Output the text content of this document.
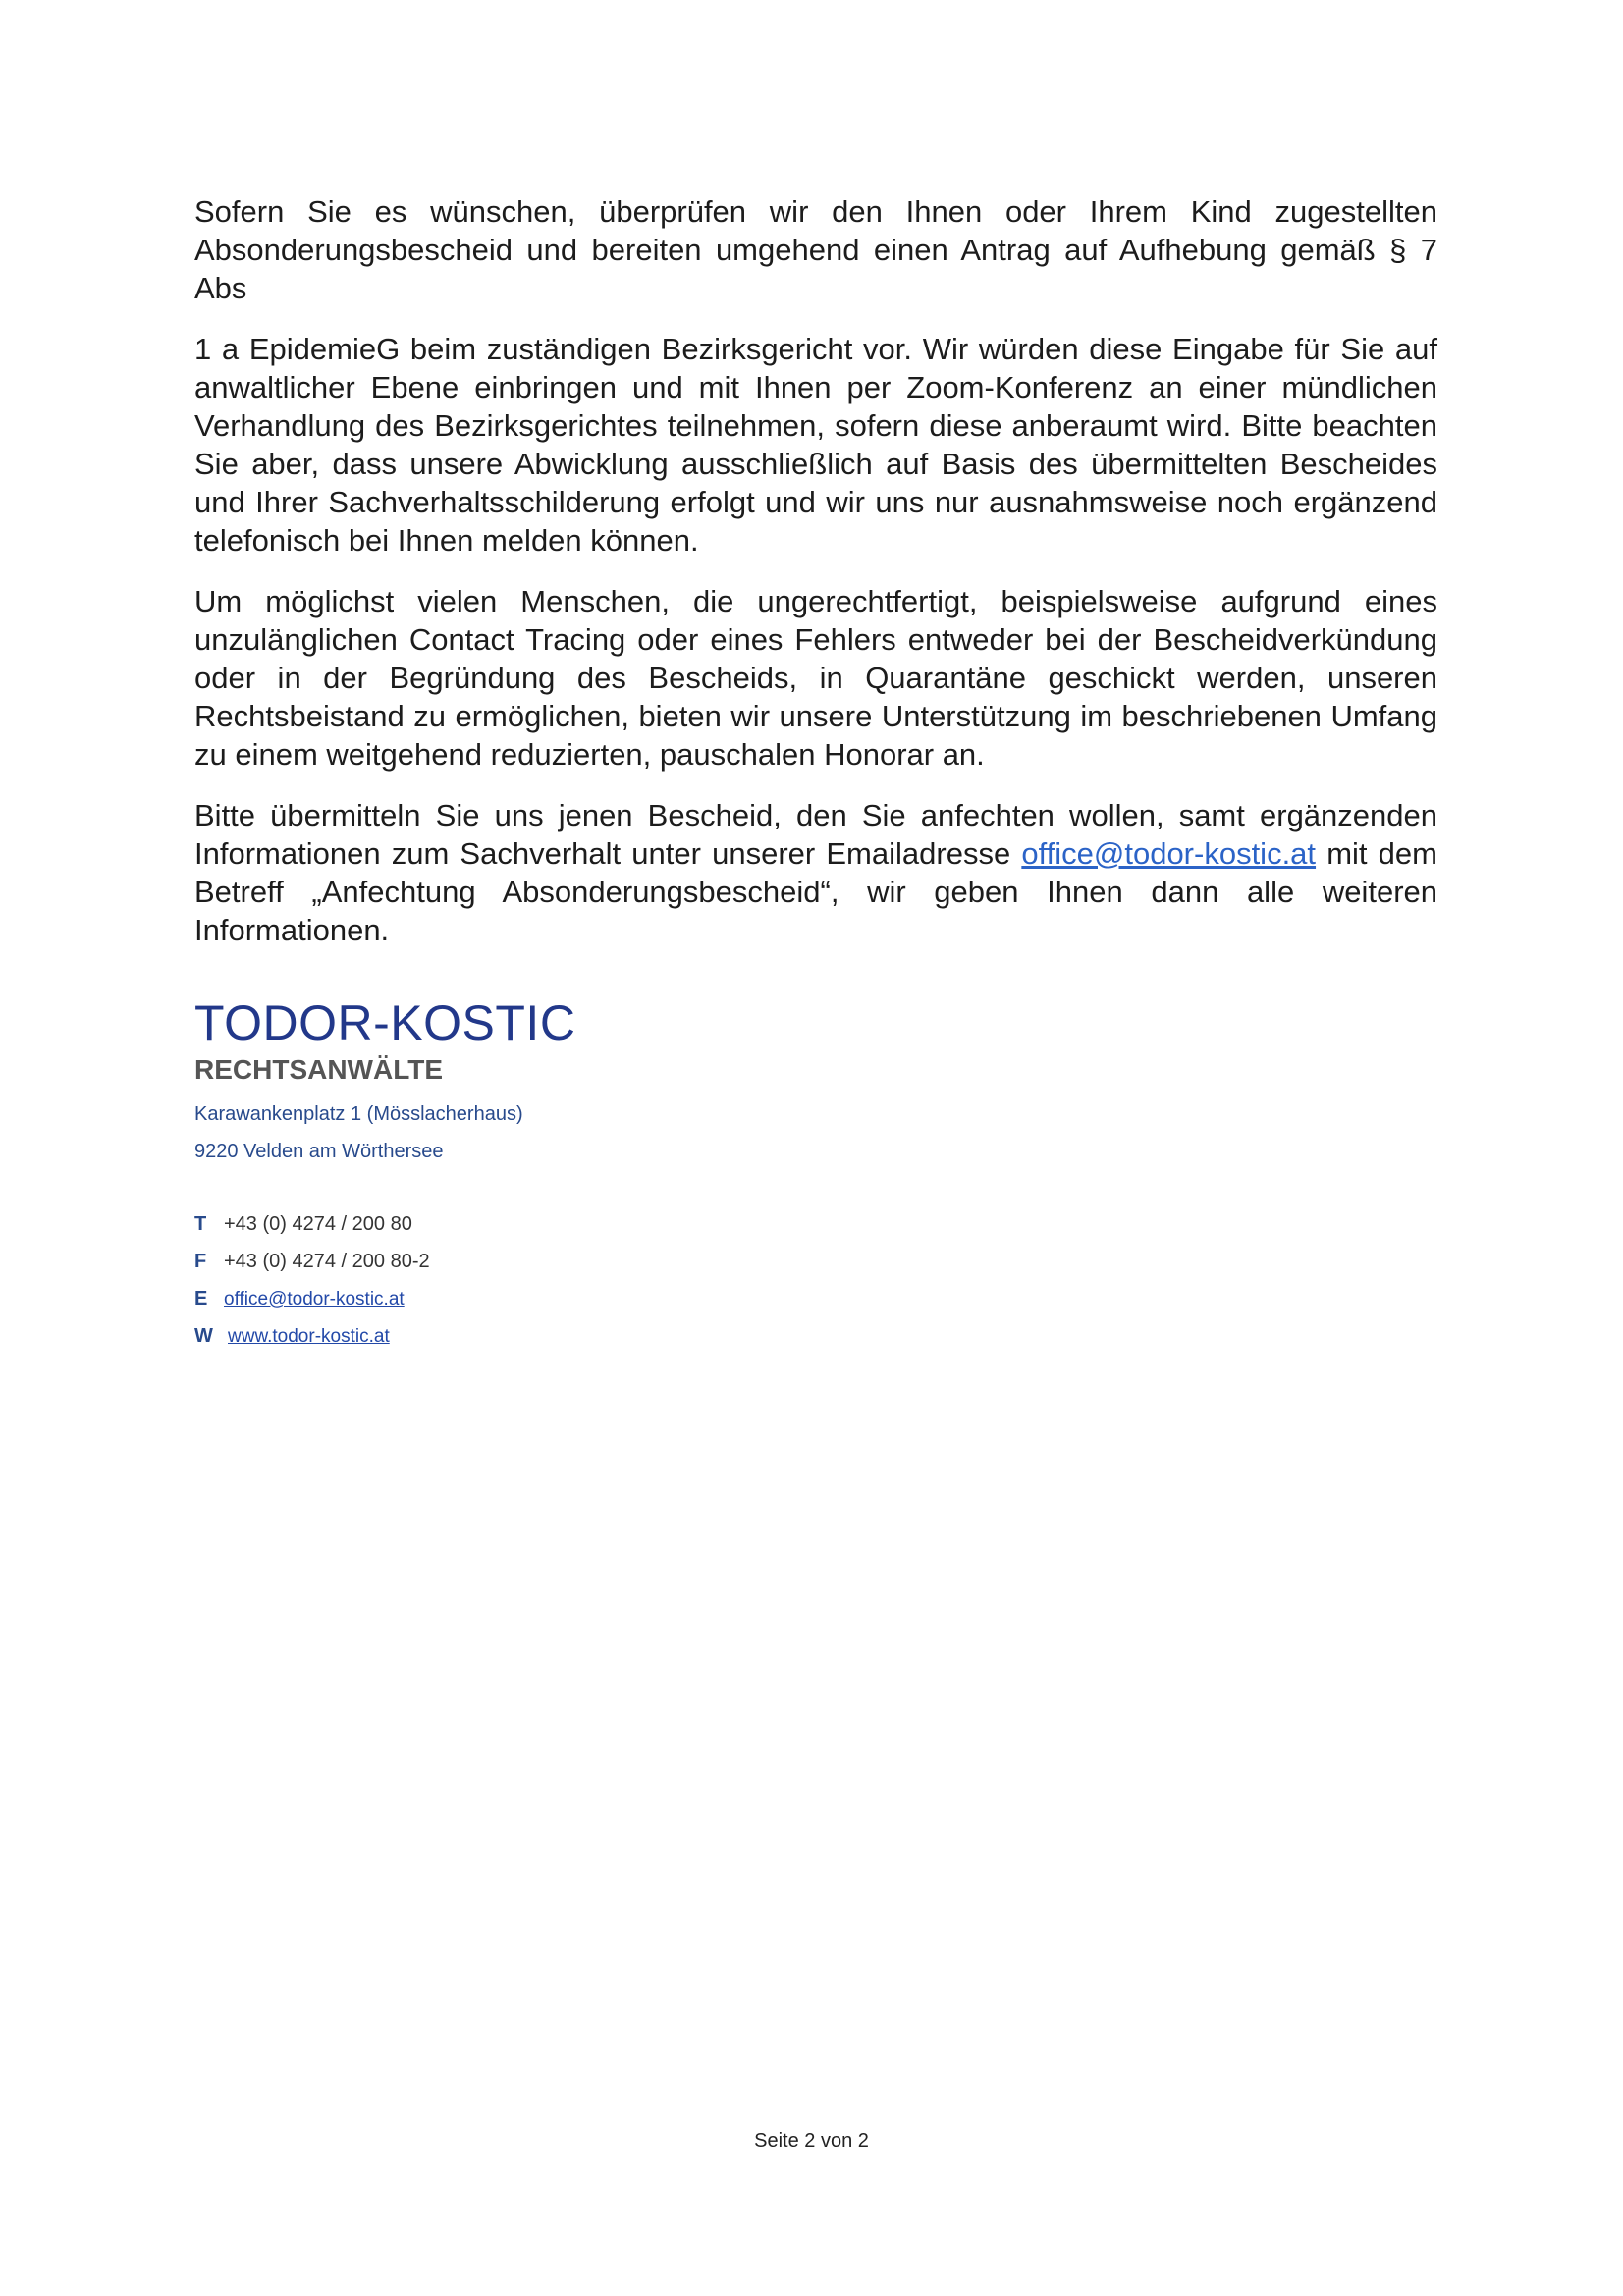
Sofern Sie es wünschen, überprüfen wir den Ihnen oder Ihrem Kind zugestellten Absonderungsbescheid und bereiten umgehend einen Antrag auf Aufhebung gemäß § 7 Abs

1 a EpidemieG beim zuständigen Bezirksgericht vor. Wir würden diese Eingabe für Sie auf anwaltlicher Ebene einbringen und mit Ihnen per Zoom-Konferenz an einer mündlichen Verhandlung des Bezirksgerichtes teilnehmen, sofern diese anberaumt wird. Bitte beachten Sie aber, dass unsere Abwicklung ausschließlich auf Basis des übermittelten Bescheides und Ihrer Sachverhaltsschilderung erfolgt und wir uns nur ausnahmsweise noch ergänzend telefonisch bei Ihnen melden können.

Um möglichst vielen Menschen, die ungerechtfertigt, beispielsweise aufgrund eines unzulänglichen Contact Tracing oder eines Fehlers entweder bei der Bescheidverkündung oder in der Begründung des Bescheids, in Quarantäne geschickt werden, unseren Rechtsbeistand zu ermöglichen, bieten wir unsere Unterstützung im beschriebenen Umfang zu einem weitgehend reduzierten, pauschalen Honorar an.

Bitte übermitteln Sie uns jenen Bescheid, den Sie anfechten wollen, samt ergänzenden Informationen zum Sachverhalt unter unserer Emailadresse office@todor-kostic.at mit dem Betreff „Anfechtung Absonderungsbescheid“, wir geben Ihnen dann alle weiteren Informationen.

TODOR-KOSTIC
RECHTSANWÄLTE
Karawankenplatz 1 (Mösslacherhaus)
9220 Velden am Wörthersee
T +43 (0) 4274 / 200 80
F +43 (0) 4274 / 200 80-2
E office@todor-kostic.at
W www.todor-kostic.at
Seite 2 von 2
